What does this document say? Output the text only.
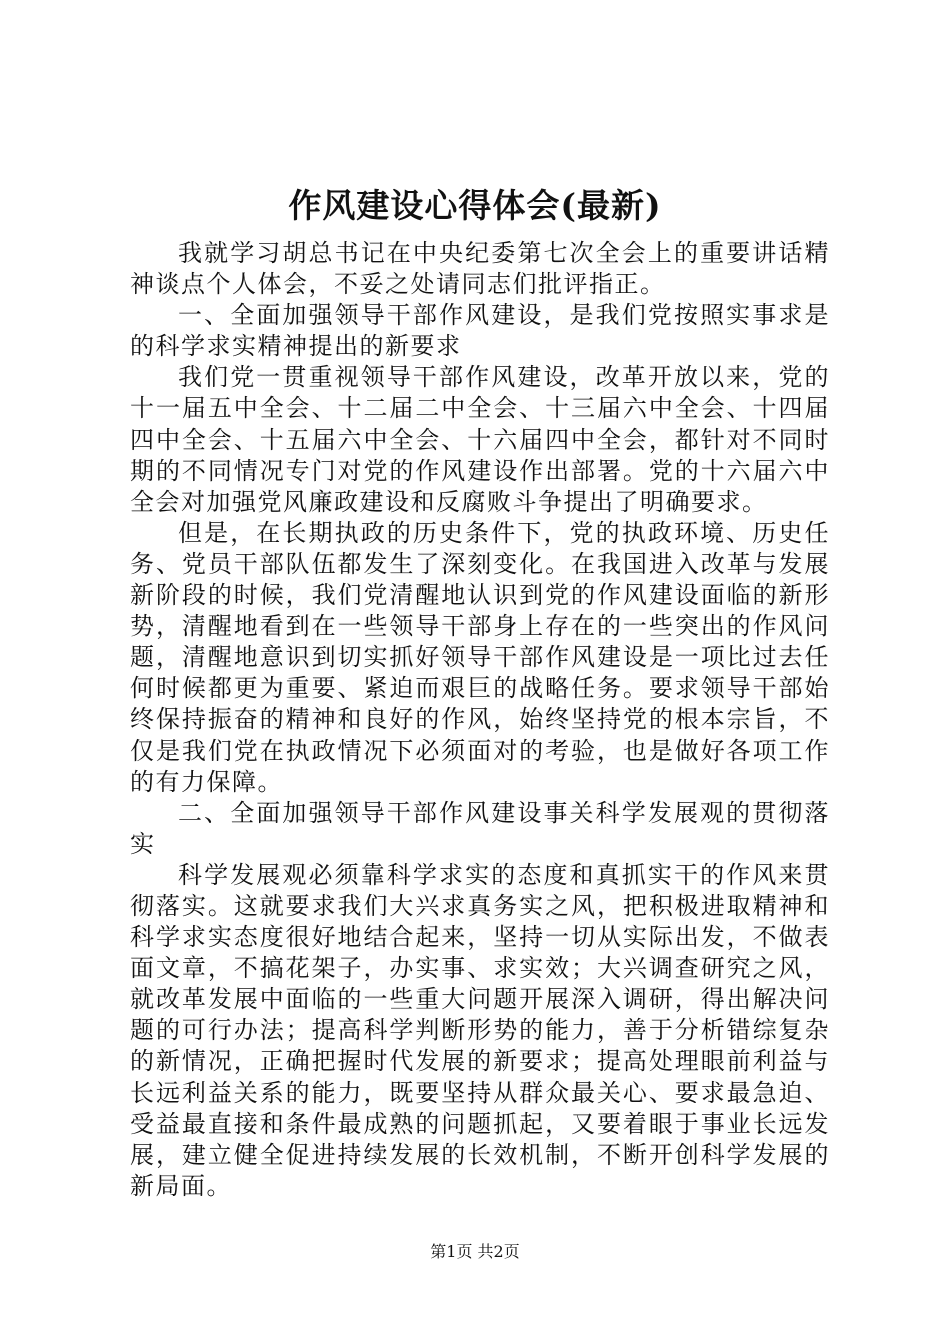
作风建设心得体会(最新)

我就学习胡总书记在中央纪委第七次全会上的重要讲话精神谈点个人体会，不妥之处请同志们批评指正。

一、全面加强领导干部作风建设，是我们党按照实事求是的科学求实精神提出的新要求

我们党一贯重视领导干部作风建设，改革开放以来，党的十一届五中全会、十二届二中全会、十三届六中全会、十四届四中全会、十五届六中全会、十六届四中全会，都针对不同时期的不同情况专门对党的作风建设作出部署。党的十六届六中全会对加强党风廉政建设和反腐败斗争提出了明确要求。

但是，在长期执政的历史条件下，党的执政环境、历史任务、党员干部队伍都发生了深刻变化。在我国进入改革与发展新阶段的时候，我们党清醒地认识到党的作风建设面临的新形势，清醒地看到在一些领导干部身上存在的一些突出的作风问题，清醒地意识到切实抓好领导干部作风建设是一项比过去任何时候都更为重要、紧迫而艰巨的战略任务。要求领导干部始终保持振奋的精神和良好的作风，始终坚持党的根本宗旨，不仅是我们党在执政情况下必须面对的考验，也是做好各项工作的有力保障。

二、全面加强领导干部作风建设事关科学发展观的贯彻落实

科学发展观必须靠科学求实的态度和真抓实干的作风来贯彻落实。这就要求我们大兴求真务实之风，把积极进取精神和科学求实态度很好地结合起来，坚持一切从实际出发，不做表面文章，不搞花架子，办实事、求实效；大兴调查研究之风，就改革发展中面临的一些重大问题开展深入调研，得出解决问题的可行办法；提高科学判断形势的能力，善于分析错综复杂的新情况，正确把握时代发展的新要求；提高处理眼前利益与长远利益关系的能力，既要坚持从群众最关心、要求最急迫、受益最直接和条件最成熟的问题抓起，又要着眼于事业长远发展，建立健全促进持续发展的长效机制，不断开创科学发展的新局面。

第1页 共2页
